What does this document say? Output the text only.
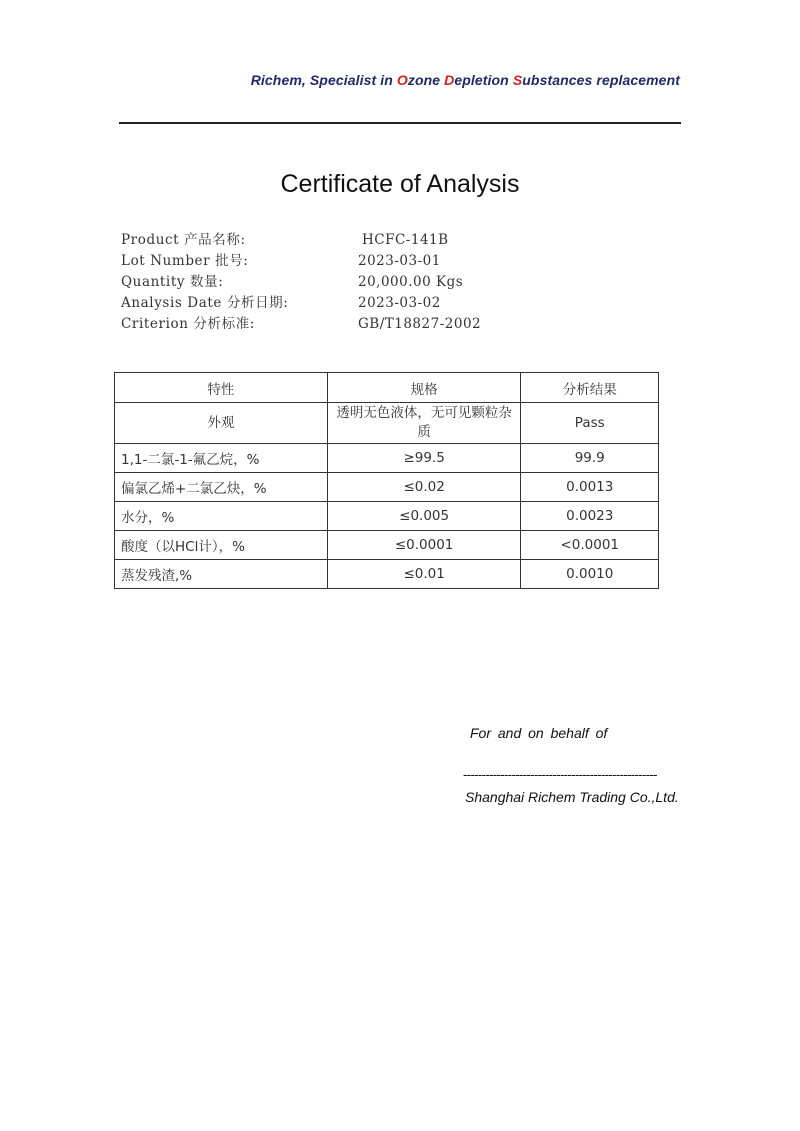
Richem, Specialist in Ozone Depletion Substances replacement
Certificate of Analysis
Product 产品名称:	HCFC-141B
Lot Number 批号:	2023-03-01
Quantity 数量:	20,000.00 Kgs
Analysis Date 分析日期:	2023-03-02
Criterion 分析标准:	GB/T18827-2002
特性	规格	分析结果
外观	透明无色液体，无可见颗粒杂质	Pass
1,1-二氯-1-氟乙烷，%	≥99.5	99.9
偏氯乙烯+二氯乙炔，%	≤0.02	0.0013
水分，%	≤0.005	0.0023
酸度（以HCl计），%	≤0.0001	<0.0001
蒸发残渣,%	≤0.01	0.0010
For and on behalf of
----------------------------------------------------
Shanghai Richem Trading Co.,Ltd.
